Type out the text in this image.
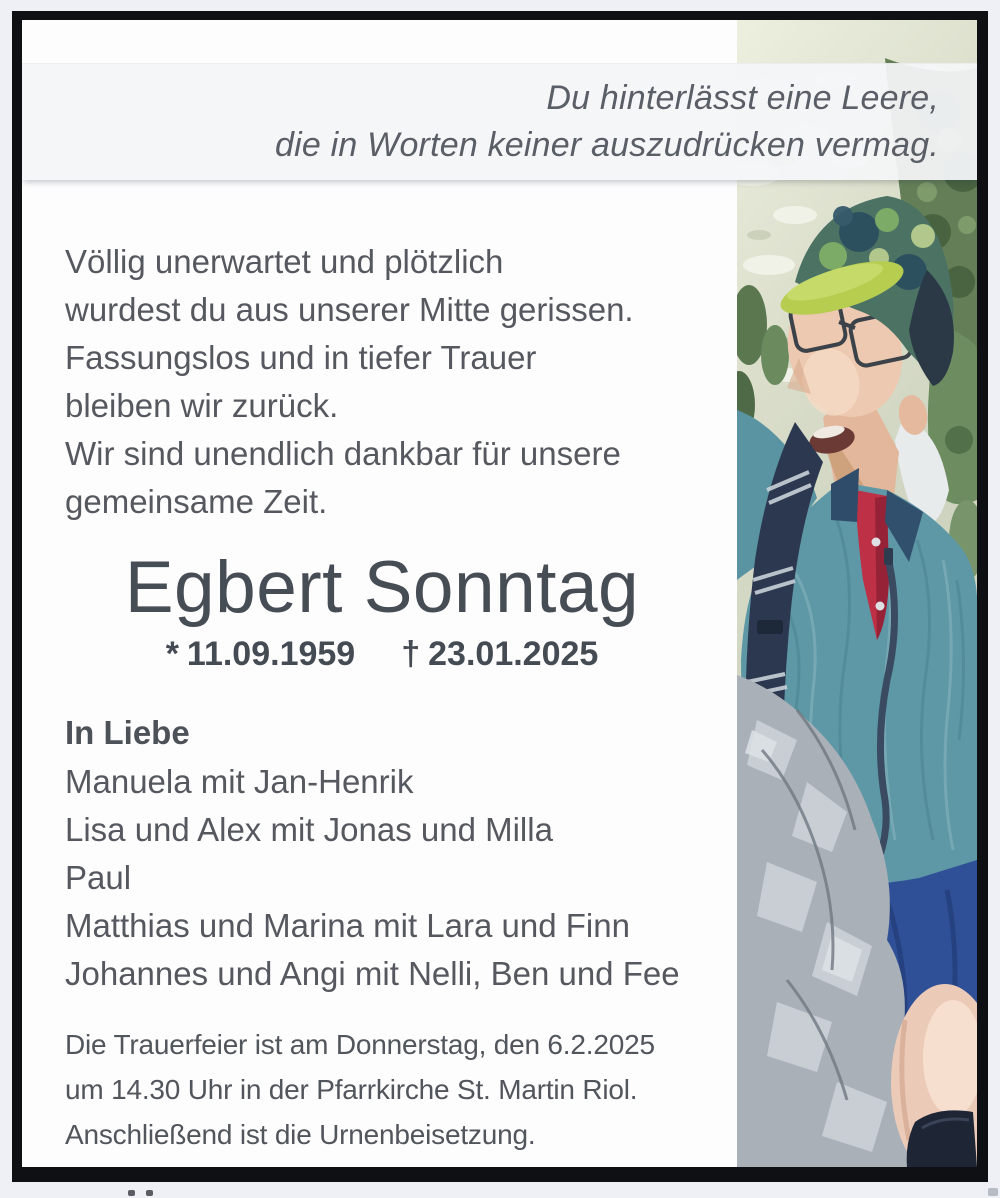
Du hinterlässt eine Leere,
die in Worten keiner auszudrücken vermag.
Völlig unerwartet und plötzlich
wurdest du aus unserer Mitte gerissen.
Fassungslos und in tiefer Trauer
bleiben wir zurück.
Wir sind unendlich dankbar für unsere
gemeinsame Zeit.
Egbert Sonntag
* 11.09.1959 † 23.01.2025
In Liebe
Manuela mit Jan-Henrik
Lisa und Alex mit Jonas und Milla
Paul
Matthias und Marina mit Lara und Finn
Johannes und Angi mit Nelli, Ben und Fee
Die Trauerfeier ist am Donnerstag, den 6.2.2025
um 14.30 Uhr in der Pfarrkirche St. Martin Riol.
Anschließend ist die Urnenbeisetzung.
